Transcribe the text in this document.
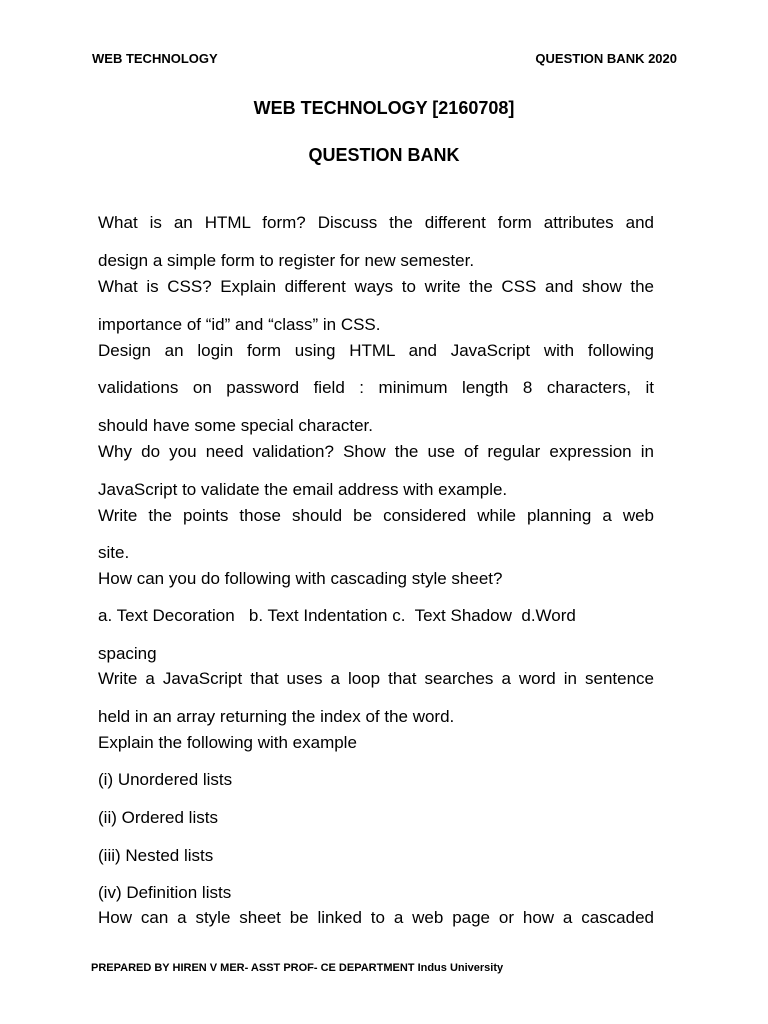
WEB TECHNOLOGY	QUESTION BANK 2020
WEB TECHNOLOGY [2160708]
QUESTION BANK
What is an HTML form? Discuss the different form attributes and
design a simple form to register for new semester.
What is CSS? Explain different ways to write the CSS and show the
importance of “id” and “class” in CSS.
Design an login form using HTML and JavaScript with following
validations on password field : minimum length 8 characters, it
should have some special character.
Why do you need validation? Show the use of regular expression in
JavaScript to validate the email address with example.
Write the points those should be considered while planning a web
site.
How can you do following with cascading style sheet?
a. Text Decoration   b. Text Indentation c.  Text Shadow  d.Word
spacing
Write a JavaScript that uses a loop that searches a word in sentence
held in an array returning the index of the word.
Explain the following with example
(i) Unordered lists
(ii) Ordered lists
(iii) Nested lists
(iv) Definition lists
How can a style sheet be linked to a web page or how a cascaded
PREPARED BY HIREN V MER- ASST PROF- CE DEPARTMENT Indus University
